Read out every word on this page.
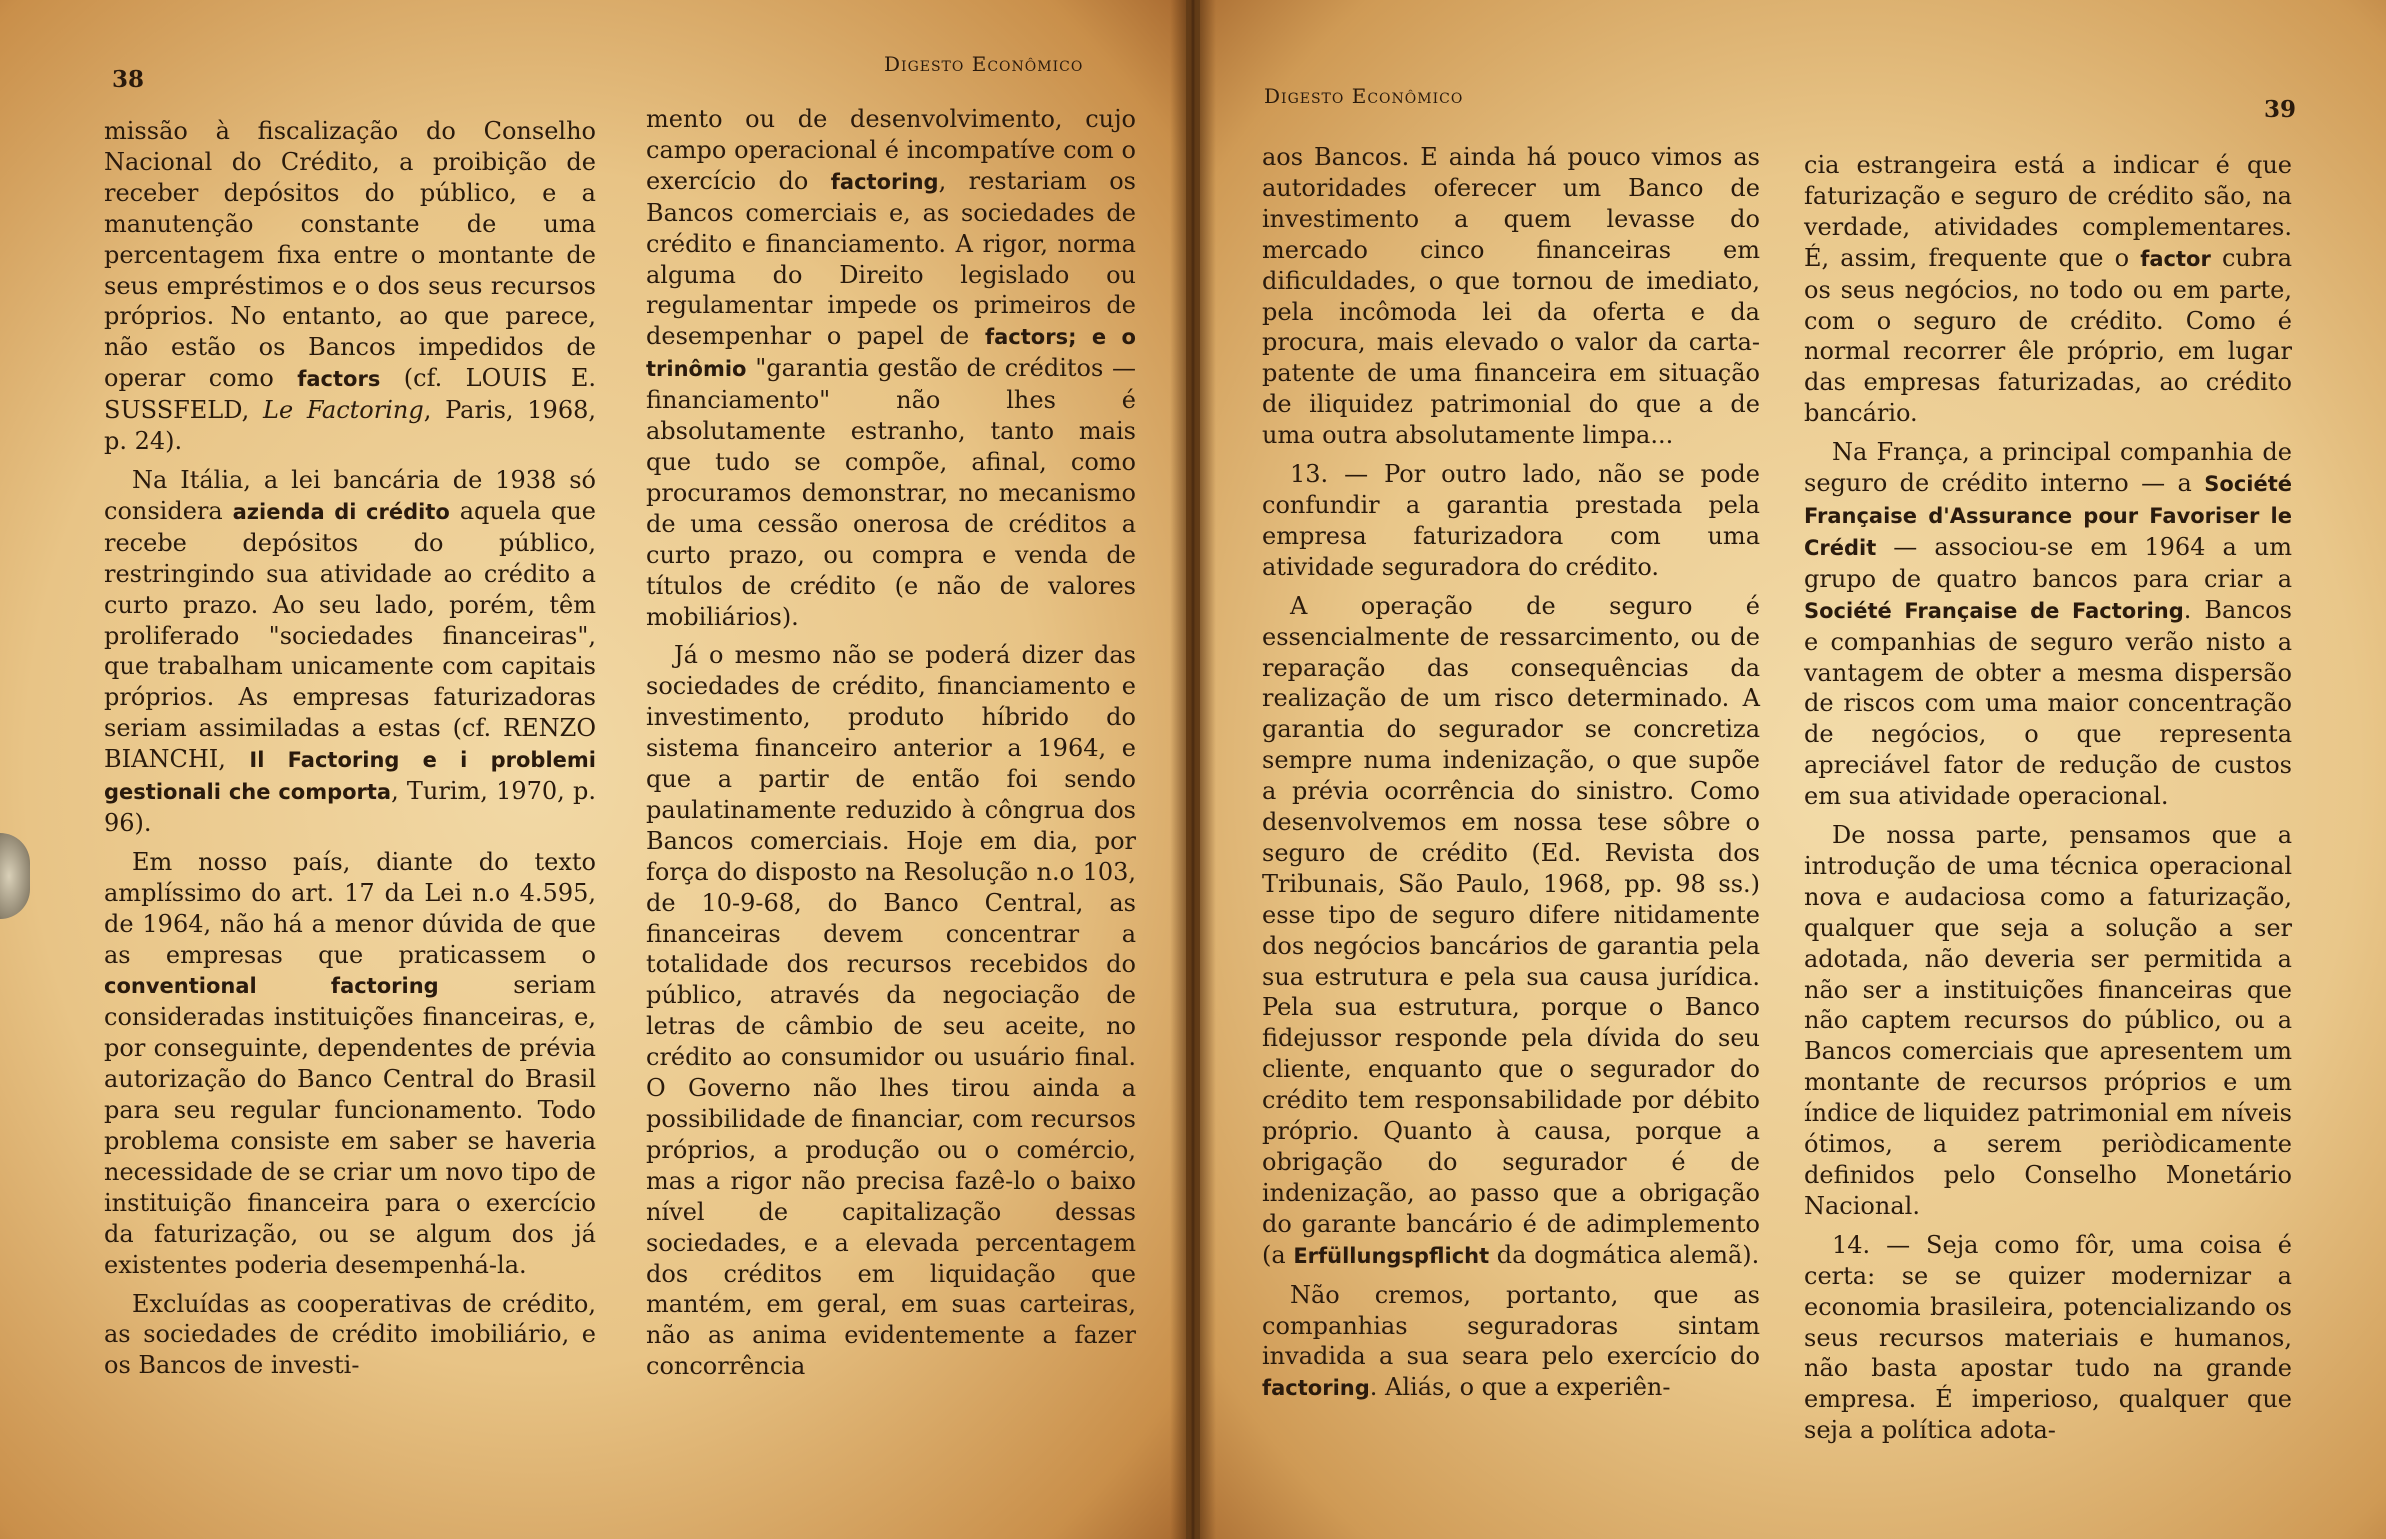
38
Digesto Econômico

missão à fiscalização do Conselho Nacional do Crédito, a proibição de receber depósitos do público, e a manutenção constante de uma percentagem fixa entre o montante de seus empréstimos e o dos seus recursos próprios. No entanto, ao que parece, não estão os Bancos impedidos de operar como factors (cf. LOUIS E. SUSSFELD, Le Factoring, Paris, 1968, p. 24).

Na Itália, a lei bancária de 1938 só considera azienda di crédito aquela que recebe depósitos do público, restringindo sua atividade ao crédito a curto prazo. Ao seu lado, porém, têm proliferado "sociedades financeiras", que trabalham unicamente com capitais próprios. As empresas faturizadoras seriam assimiladas a estas (cf. RENZO BIANCHI, Il Factoring e i problemi gestionali che comporta, Turim, 1970, p. 96).

Em nosso país, diante do texto amplíssimo do art. 17 da Lei n.o 4.595, de 1964, não há a menor dúvida de que as empresas que praticassem o conventional factoring seriam consideradas instituições financeiras, e, por conseguinte, dependentes de prévia autorização do Banco Central do Brasil para seu regular funcionamento. Todo problema consiste em saber se haveria necessidade de se criar um novo tipo de instituição financeira para o exercício da faturização, ou se algum dos já existentes poderia desempenhá-la.

Excluídas as cooperativas de crédito, as sociedades de crédito imobiliário, e os Bancos de investi-

mento ou de desenvolvimento, cujo campo operacional é incompatíve com o exercício do factoring, restariam os Bancos comerciais e, as sociedades de crédito e financiamento. A rigor, norma alguma do Direito legislado ou regulamentar impede os primeiros de desempenhar o papel de factors; e o trinômio "garantia gestão de créditos — financiamento" não lhes é absolutamente estranho, tanto mais que tudo se compõe, afinal, como procuramos demonstrar, no mecanismo de uma cessão onerosa de créditos a curto prazo, ou compra e venda de títulos de crédito (e não de valores mobiliários).

Já o mesmo não se poderá dizer das sociedades de crédito, financiamento e investimento, produto híbrido do sistema financeiro anterior a 1964, e que a partir de então foi sendo paulatinamente reduzido à côngrua dos Bancos comerciais. Hoje em dia, por força do disposto na Resolução n.o 103, de 10-9-68, do Banco Central, as financeiras devem concentrar a totalidade dos recursos recebidos do público, através da negociação de letras de câmbio de seu aceite, no crédito ao consumidor ou usuário final. O Governo não lhes tirou ainda a possibilidade de financiar, com recursos próprios, a produção ou o comércio, mas a rigor não precisa fazê-lo o baixo nível de capitalização dessas sociedades, e a elevada percentagem dos créditos em liquidação que mantém, em geral, em suas carteiras, não as anima evidentemente a fazer concorrência

Digesto Econômico	39

aos Bancos. E ainda há pouco vimos as autoridades oferecer um Banco de investimento a quem levasse do mercado cinco financeiras em dificuldades, o que tornou de imediato, pela incômoda lei da oferta e da procura, mais elevado o valor da carta-patente de uma financeira em situação de iliquidez patrimonial do que a de uma outra absolutamente limpa...

13. — Por outro lado, não se pode confundir a garantia prestada pela empresa faturizadora com uma atividade seguradora do crédito.

A operação de seguro é essencialmente de ressarcimento, ou de reparação das consequências da realização de um risco determinado. A garantia do segurador se concretiza sempre numa indenização, o que supõe a prévia ocorrência do sinistro. Como desenvolvemos em nossa tese sôbre o seguro de crédito (Ed. Revista dos Tribunais, São Paulo, 1968, pp. 98 ss.) esse tipo de seguro difere nitidamente dos negócios bancários de garantia pela sua estrutura e pela sua causa jurídica. Pela sua estrutura, porque o Banco fidejussor responde pela dívida do seu cliente, enquanto que o segurador do crédito tem responsabilidade por débito próprio. Quanto à causa, porque a obrigação do segurador é de indenização, ao passo que a obrigação do garante bancário é de adimplemento (a Erfüllungspflicht da dogmática alemã).

Não cremos, portanto, que as companhias seguradoras sintam invadida a sua seara pelo exercício do factoring. Aliás, o que a experiên-

cia estrangeira está a indicar é que faturização e seguro de crédito são, na verdade, atividades complementares. É, assim, frequente que o factor cubra os seus negócios, no todo ou em parte, com o seguro de crédito. Como é normal recorrer êle próprio, em lugar das empresas faturizadas, ao crédito bancário.

Na França, a principal companhia de seguro de crédito interno — a Société Française d'Assurance pour Favoriser le Crédit — associou-se em 1964 a um grupo de quatro bancos para criar a Société Française de Factoring. Bancos e companhias de seguro verão nisto a vantagem de obter a mesma dispersão de riscos com uma maior concentração de negócios, o que representa apreciável fator de redução de custos em sua atividade operacional.

De nossa parte, pensamos que a introdução de uma técnica operacional nova e audaciosa como a faturização, qualquer que seja a solução a ser adotada, não deveria ser permitida a não ser a instituições financeiras que não captem recursos do público, ou a Bancos comerciais que apresentem um montante de recursos próprios e um índice de liquidez patrimonial em níveis ótimos, a serem periòdicamente definidos pelo Conselho Monetário Nacional.

14. — Seja como fôr, uma coisa é certa: se se quizer modernizar a economia brasileira, potencializando os seus recursos materiais e humanos, não basta apostar tudo na grande empresa. É imperioso, qualquer que seja a política adota-
